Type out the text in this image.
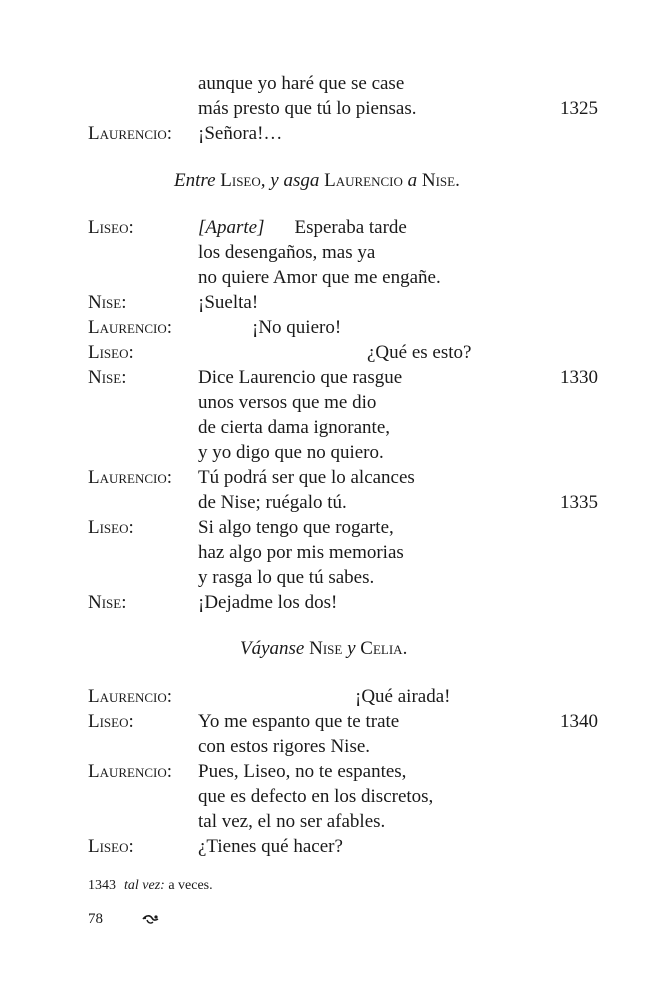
aunque yo haré que se case
más presto que tú lo piensas.	1325
Laurencio: ¡Señora!…
Entre Liseo, y asga Laurencio a Nise.
Liseo:	[Aparte] Esperaba tarde
los desengaños, mas ya
no quiere Amor que me engañe.
Nise:	¡Suelta!
Laurencio:	¡No quiero!
Liseo:	¿Qué es esto?
Nise:	Dice Laurencio que rasgue	1330
unos versos que me dio
de cierta dama ignorante,
y yo digo que no quiero.
Laurencio: Tú podrá ser que lo alcances
de Nise; ruégalo tú.	1335
Liseo:	Si algo tengo que rogarte,
haz algo por mis memorias
y rasga lo que tú sabes.
Nise:	¡Dejadme los dos!
Váyanse Nise y Celia.
Laurencio:	¡Qué airada!
Liseo:	Yo me espanto que te trate	1340
con estos rigores Nise.
Laurencio: Pues, Liseo, no te espantes,
que es defecto en los discretos,
tal vez, el no ser afables.
Liseo:	¿Tienes qué hacer?
1343 tal vez: a veces.
78
